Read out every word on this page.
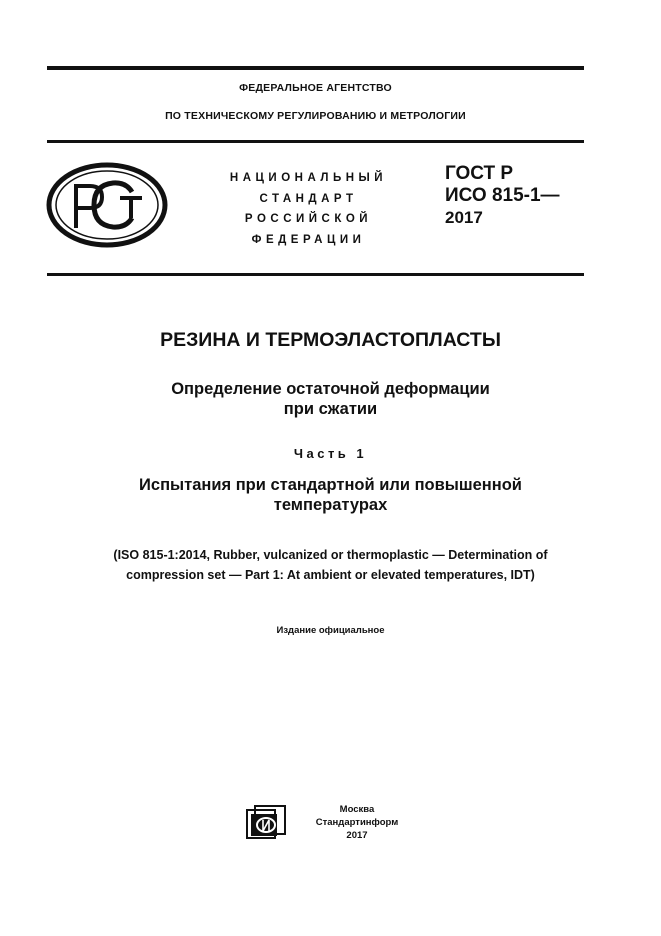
ФЕДЕРАЛЬНОЕ АГЕНТСТВО
ПО ТЕХНИЧЕСКОМУ РЕГУЛИРОВАНИЮ И МЕТРОЛОГИИ
НАЦИОНАЛЬНЫЙ
СТАНДАРТ
РОССИЙСКОЙ
ФЕДЕРАЦИИ
ГОСТ Р
ИСО 815-1—
2017
РЕЗИНА И ТЕРМОЭЛАСТОПЛАСТЫ
Определение остаточной деформации
при сжатии
Часть 1
Испытания при стандартной или повышенной
температурах
(ISO 815-1:2014, Rubber, vulcanized or thermoplastic — Determination of
compression set — Part 1: At ambient or elevated temperatures, IDT)
Издание официальное
Москва
Стандартинформ
2017
